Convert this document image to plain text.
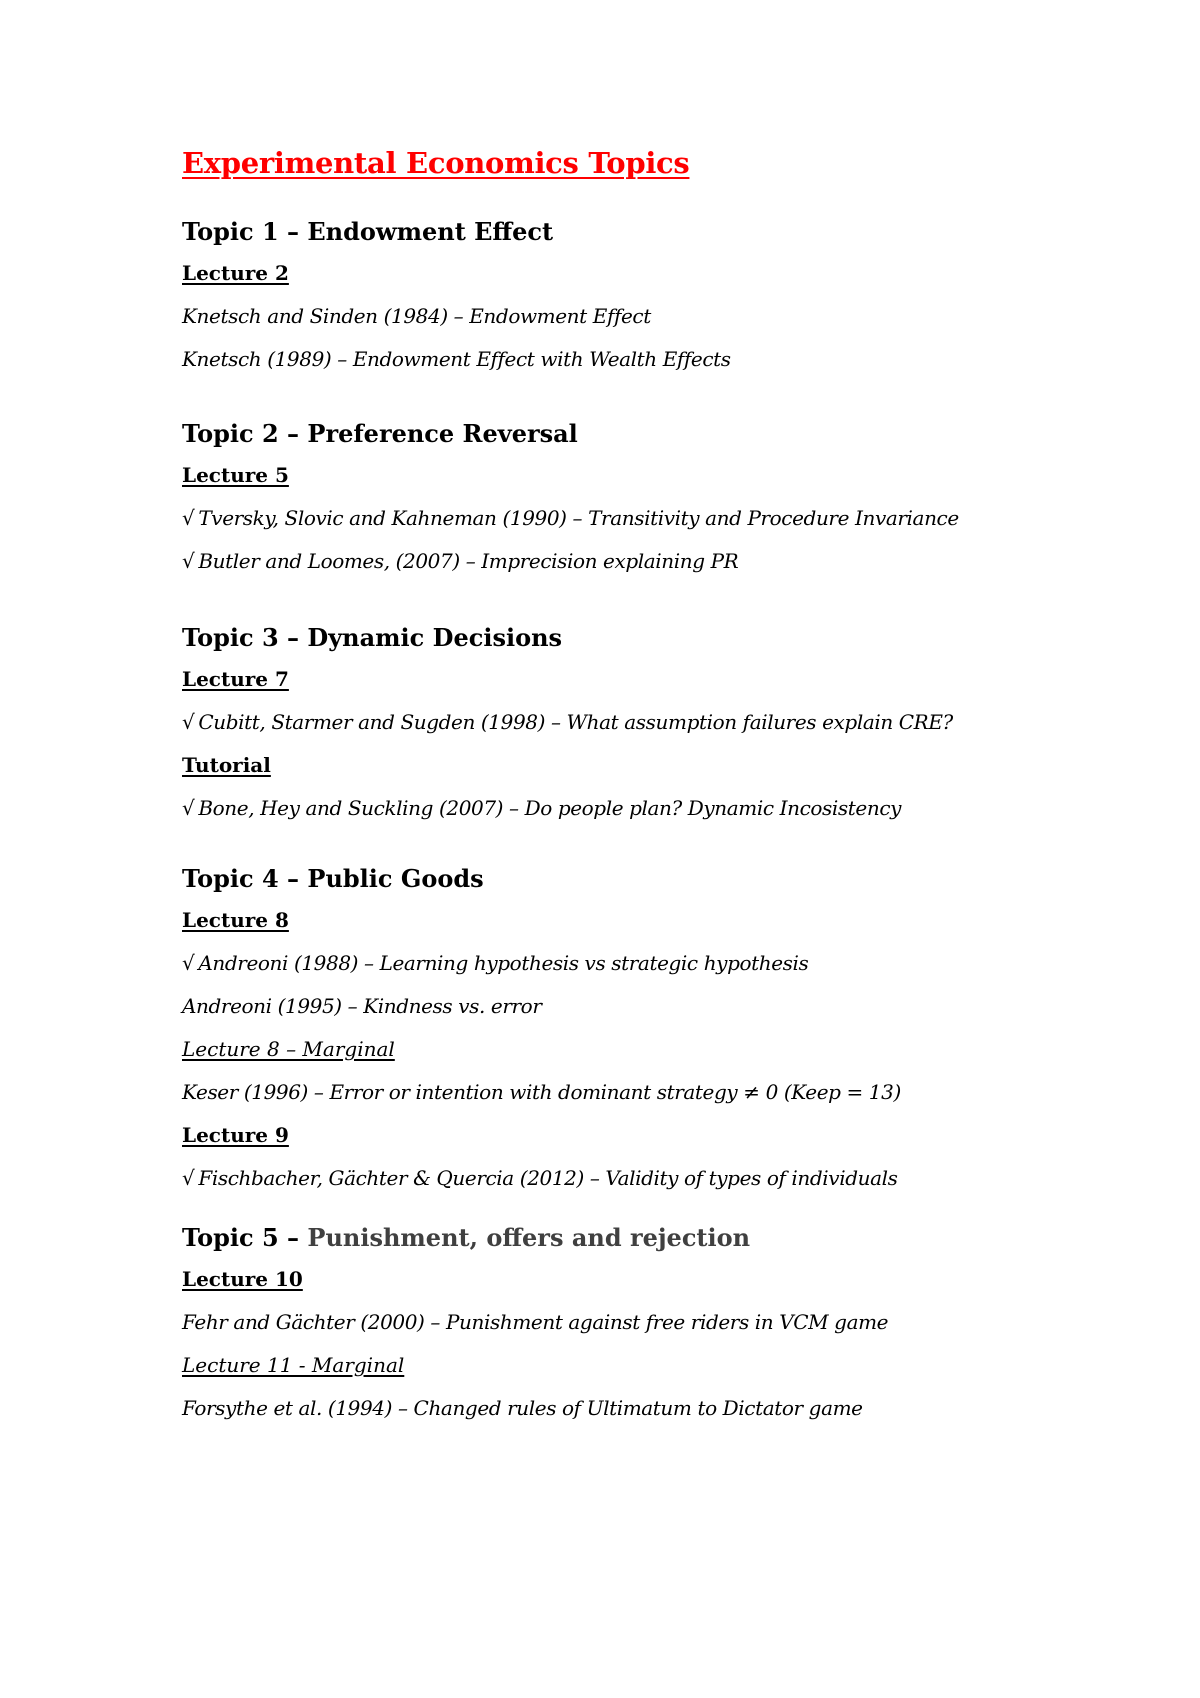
Experimental Economics Topics
Topic 1 – Endowment Effect

Lecture 2

Knetsch and Sinden (1984) – Endowment Effect

Knetsch (1989) – Endowment Effect with Wealth Effects

Topic 2 – Preference Reversal

Lecture 5

√ Tversky, Slovic and Kahneman (1990) – Transitivity and Procedure Invariance

√ Butler and Loomes, (2007) – Imprecision explaining PR

Topic 3 – Dynamic Decisions

Lecture 7

√ Cubitt, Starmer and Sugden (1998) – What assumption failures explain CRE?

Tutorial

√ Bone, Hey and Suckling (2007) – Do people plan? Dynamic Incosistency

Topic 4 – Public Goods

Lecture 8

√ Andreoni (1988) – Learning hypothesis vs strategic hypothesis

Andreoni (1995) – Kindness vs. error

Lecture 8 – Marginal

Keser (1996) – Error or intention with dominant strategy ≠ 0 (Keep = 13)

Lecture 9

√ Fischbacher, Gächter & Quercia (2012) – Validity of types of individuals

Topic 5 – Punishment, offers and rejection

Lecture 10

Fehr and Gächter (2000) – Punishment against free riders in VCM game

Lecture 11 - Marginal

Forsythe et al. (1994) – Changed rules of Ultimatum to Dictator game
